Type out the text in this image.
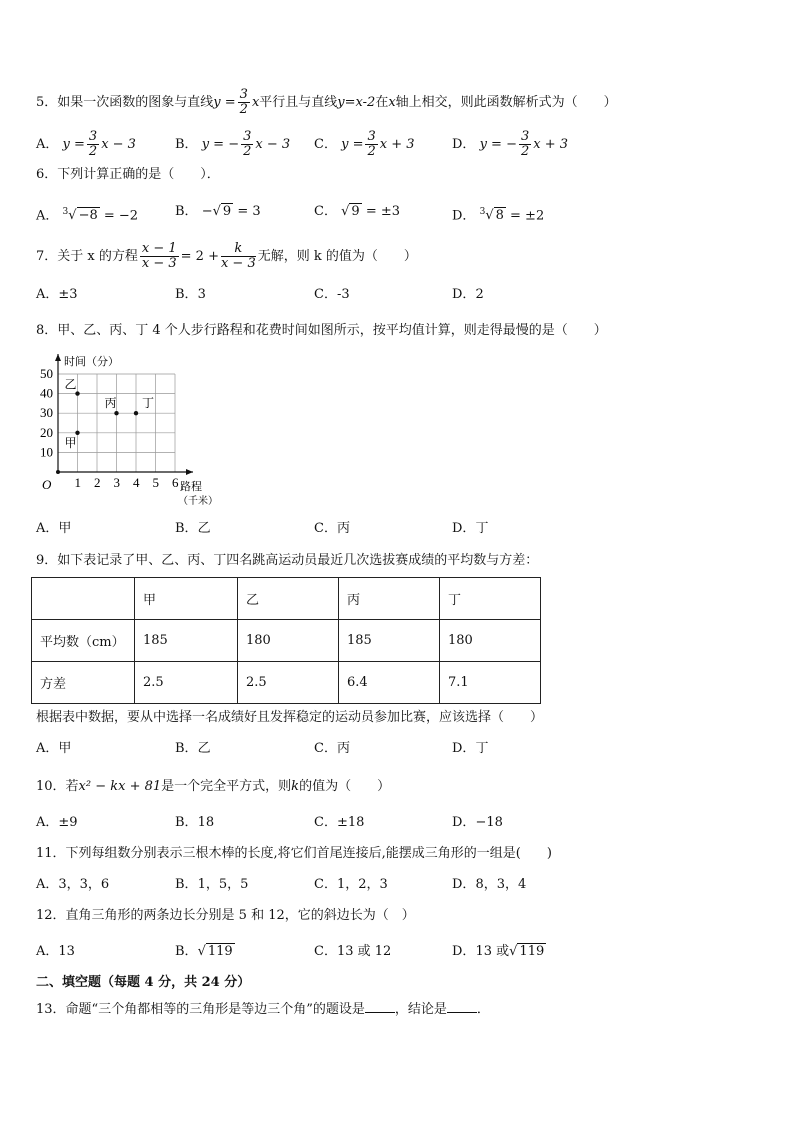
5．如果一次函数的图象与直线$y = \frac{3}{2}$ x平行且与直线y=x-2在x轴上相交，则此函数解析式为（　　）
A． $y = \frac{3}{2}$ x − 3	B． y = − $\frac{3}{2}$ x − 3 C． $y = \frac{3}{2}$ x + 3	D． y = − $\frac{3}{2}$ x + 3
6．下列计算正确的是（　　）．
A． $^3$√ −8 = −2	B． −√ 9 = 3	C． √ 9 = ±3	D． $^3$√ 8 = ±2
7．关于 x 的方程 $\frac{x - 1}{x - 3} = 2 + \frac{k}{x - 3}$ 无解，则 k 的值为（　　）
A．±3	B．3	C．-3	D．2
8．甲、乙、丙、丁 4 个人步行路程和花费时间如图所示，按平均值计算，则走得最慢的是（　　）
1 2 3 4 5 6
10
20
30
40
50
甲
乙
丙 丁
时间（分）
路程
（千米）
O
A．甲	B．乙	C．丙	D．丁
9．如下表记录了甲、乙、丙、丁四名跳高运动员最近几次选拔赛成绩的平均数与方差：
	甲	乙	丙	丁
平均数（cm）	185	180	185	180
方差	2.5	2.5	6.4	7.1
根据表中数据，要从中选择一名成绩好且发挥稳定的运动员参加比赛，应该选择（　　）
A．甲	B．乙	C．丙	D．丁
10．若x² − kx + 81是一个完全平方式，则k的值为（　　）
A．±9	B．18	C．±18	D．−18
11．下列每组数分别表示三根木棒的长度,将它们首尾连接后,能摆成三角形的一组是(　　)
A．3，3，6	B．1，5，5	C．1，2，3	D．8，3，4
12．直角三角形的两条边长分别是 5 和 12，它的斜边长为（　）
A．13	B．√ 119	C．13 或 12	D．13 或√ 119
二、填空题（每题 4 分，共 24 分）
13．命题“三个角都相等的三角形是等边三个角”的题设是 ，结论是 ．
